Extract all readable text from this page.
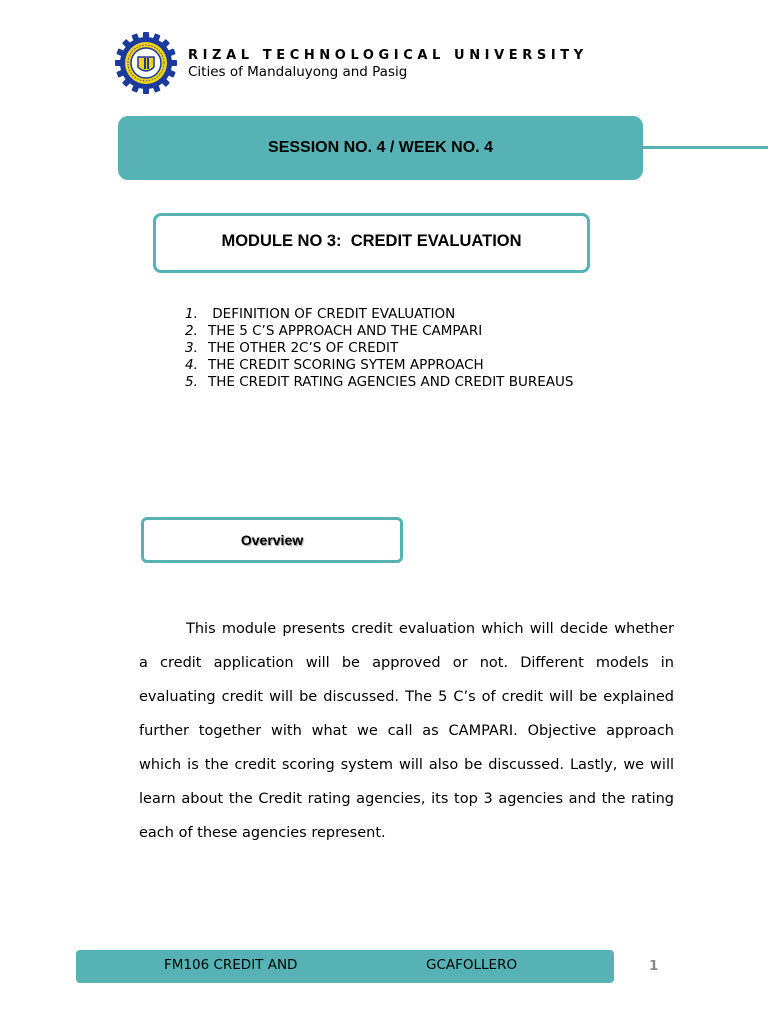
RIZAL TECHNOLOGICAL UNIVERSITY
Cities of Mandaluyong and Pasig
SESSION NO. 4 / WEEK NO. 4
MODULE NO 3:  CREDIT EVALUATION
1. DEFINITION OF CREDIT EVALUATION
2. THE 5 C’S APPROACH AND THE CAMPARI
3. THE OTHER 2C’S OF CREDIT
4. THE CREDIT SCORING SYTEM APPROACH
5. THE CREDIT RATING AGENCIES AND CREDIT BUREAUS
Overview

This module presents credit evaluation which will decide whether a credit application will be approved or not. Different models in evaluating credit will be discussed. The 5 C’s of credit will be explained further together with what we call as CAMPARI. Objective approach which is the credit scoring system will also be discussed. Lastly, we will learn about the Credit rating agencies, its top 3 agencies and the rating each of these agencies represent.

FM106 CREDIT AND	GCAFOLLERO	1
